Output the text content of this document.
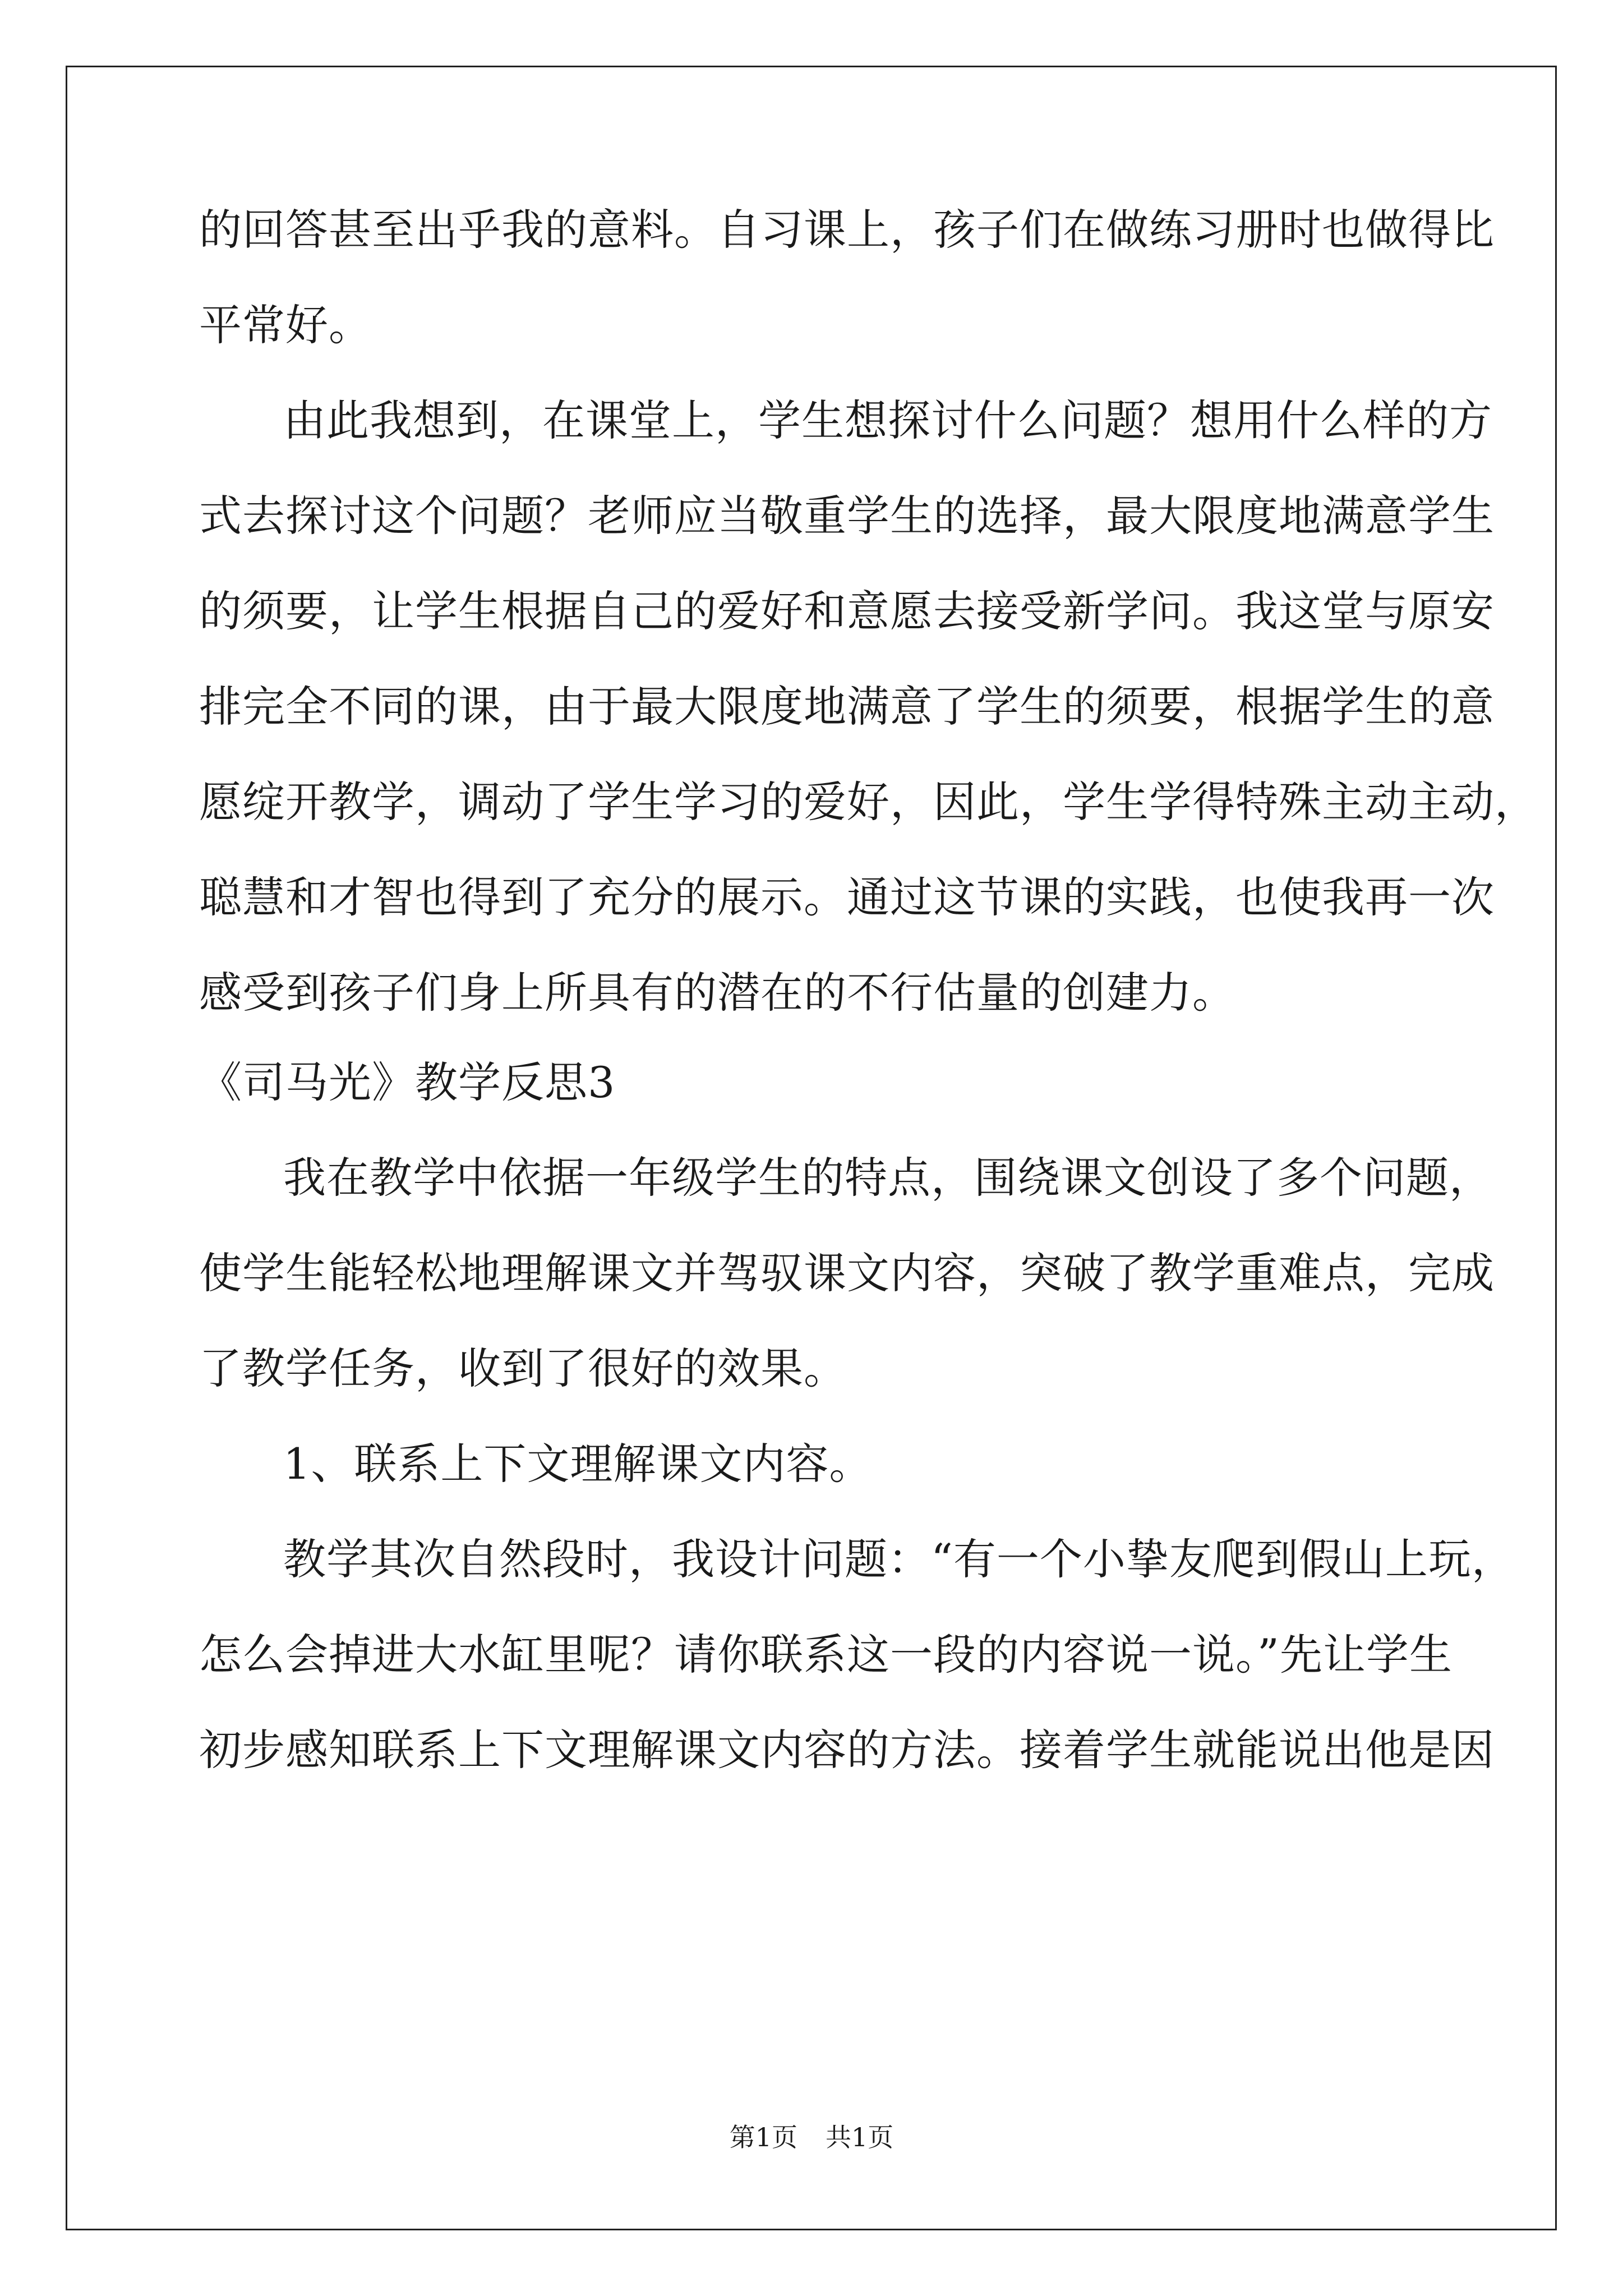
的回答甚至出乎我的意料。自习课上，孩子们在做练习册时也做得比
平常好。
由此我想到，在课堂上，学生想探讨什么问题？想用什么样的方
式去探讨这个问题？老师应当敬重学生的选择，最大限度地满意学生
的须要，让学生根据自己的爱好和意愿去接受新学问。我这堂与原安
排完全不同的课，由于最大限度地满意了学生的须要，根据学生的意
愿绽开教学，调动了学生学习的爱好，因此，学生学得特殊主动主动，
聪慧和才智也得到了充分的展示。通过这节课的实践，也使我再一次
感受到孩子们身上所具有的潜在的不行估量的创建力。
《司马光》教学反思3
我在教学中依据一年级学生的特点，围绕课文创设了多个问题，
使学生能轻松地理解课文并驾驭课文内容，突破了教学重难点，完成
了教学任务，收到了很好的效果。
1、联系上下文理解课文内容。
教学其次自然段时，我设计问题：“有一个小挚友爬到假山上玩，
怎么会掉进大水缸里呢？请你联系这一段的内容说一说。”先让学生
初步感知联系上下文理解课文内容的方法。接着学生就能说出他是因
第1页 共1页
